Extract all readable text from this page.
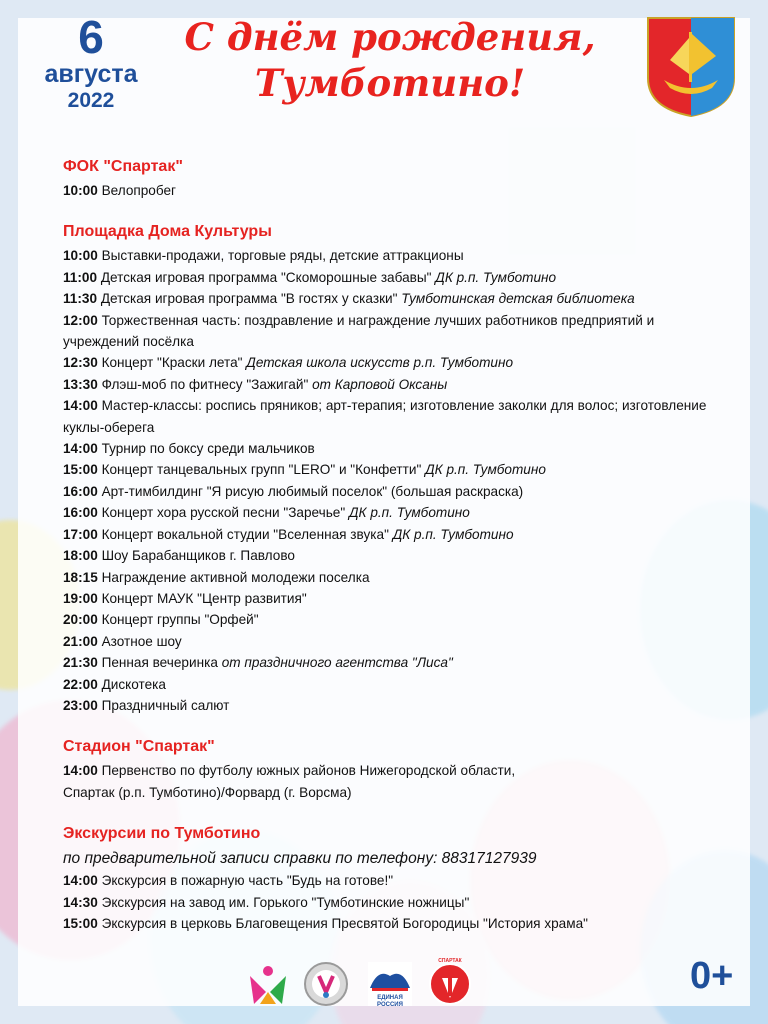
6
августа
2022
С днём рождения,
Тумботино!
ФОК "Спартак"
10:00 Велопробег
Площадка Дома Культуры
10:00 Выставки-продажи, торговые ряды, детские аттракционы
11:00 Детская игровая программа "Скоморошные забавы" ДК р.п. Тумботино
11:30 Детская игровая программа "В гостях у сказки" Тумботинская детская библиотека
12:00 Торжественная часть: поздравление и награждение лучших работников предприятий и учреждений посёлка
12:30 Концерт "Краски лета" Детская школа искусств р.п. Тумботино
13:30 Флэш-моб по фитнесу "Зажигай" от Карповой Оксаны
14:00 Мастер-классы: роспись пряников; арт-терапия; изготовление заколки для волос; изготовление куклы-оберега
14:00 Турнир по боксу среди мальчиков
15:00 Концерт танцевальных групп "LERO" и "Конфетти" ДК р.п. Тумботино
16:00 Арт-тимбилдинг "Я рисую любимый поселок" (большая раскраска)
16:00 Концерт хора русской песни "Заречье" ДК р.п. Тумботино
17:00 Концерт вокальной студии "Вселенная звука" ДК р.п. Тумботино
18:00 Шоу Барабанщиков г. Павлово
18:15 Награждение активной молодежи поселка
19:00 Концерт МАУК "Центр развития"
20:00 Концерт группы "Орфей"
21:00 Азотное шоу
21:30 Пенная вечеринка от праздничного агентства "Лиса"
22:00 Дискотека
23:00 Праздничный салют
Стадион "Спартак"
14:00 Первенство по футболу южных районов Нижегородской области,
Спартак (р.п. Тумботино)/Форвард (г. Ворсма)
Экскурсии по Тумботино
по предварительной записи справки по телефону: 88317127939
14:00 Экскурсия в пожарную часть "Будь на готове!"
14:30 Экскурсия на завод им. Горького "Тумботинские ножницы"
15:00 Экскурсия в церковь Благовещения Пресвятой Богородицы "История храма"
ЕДИНАЯ РОССИЯ
СПАРТАК	0+
